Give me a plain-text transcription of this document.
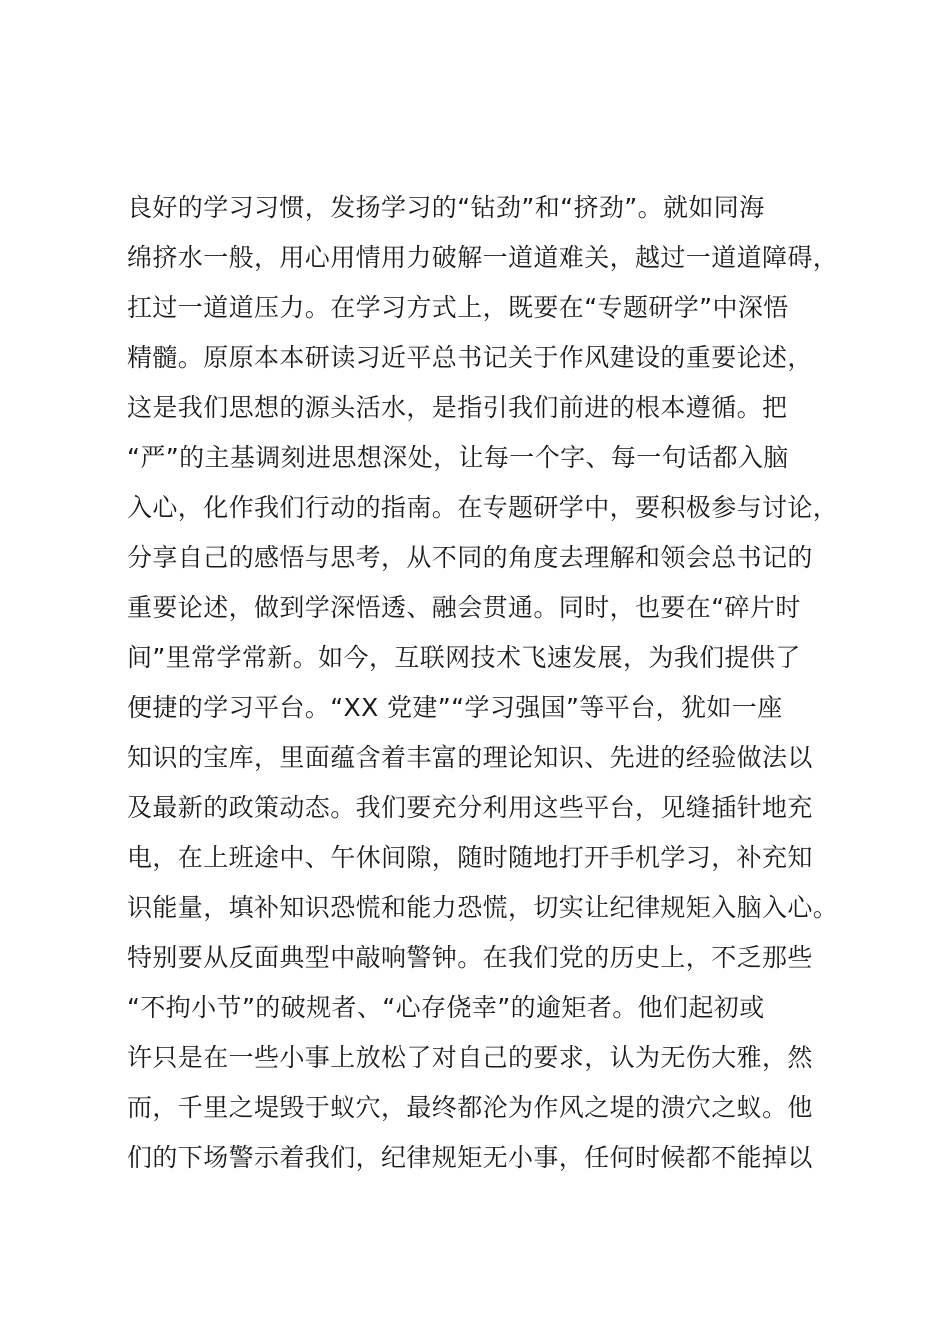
良好的学习习惯，发扬学习的“钻劲”和“挤劲”。就如同海
绵挤水一般，用心用情用力破解一道道难关，越过一道道障碍，
扛过一道道压力。在学习方式上，既要在“专题研学”中深悟
精髓。原原本本研读习近平总书记关于作风建设的重要论述，
这是我们思想的源头活水，是指引我们前进的根本遵循。把
“严”的主基调刻进思想深处，让每一个字、每一句话都入脑
入心，化作我们行动的指南。在专题研学中，要积极参与讨论，
分享自己的感悟与思考，从不同的角度去理解和领会总书记的
重要论述，做到学深悟透、融会贯通。同时，也要在“碎片时
间”里常学常新。如今，互联网技术飞速发展，为我们提供了
便捷的学习平台。“XX 党建”“学习强国”等平台，犹如一座
知识的宝库，里面蕴含着丰富的理论知识、先进的经验做法以
及最新的政策动态。我们要充分利用这些平台，见缝插针地充
电，在上班途中、午休间隙，随时随地打开手机学习，补充知
识能量，填补知识恐慌和能力恐慌，切实让纪律规矩入脑入心。
特别要从反面典型中敲响警钟。在我们党的历史上，不乏那些
“不拘小节”的破规者、“心存侥幸”的逾矩者。他们起初或
许只是在一些小事上放松了对自己的要求，认为无伤大雅，然
而，千里之堤毁于蚁穴，最终都沦为作风之堤的溃穴之蚁。他
们的下场警示着我们，纪律规矩无小事，任何时候都不能掉以
